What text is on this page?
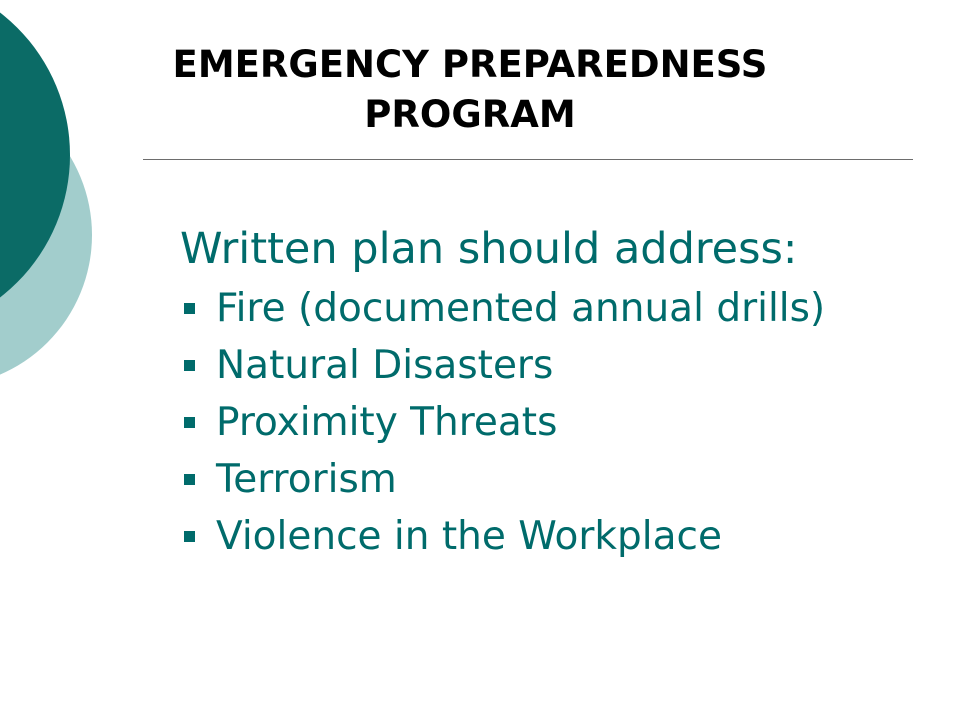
EMERGENCY PREPAREDNESS
PROGRAM
Written plan should address:
Fire (documented annual drills)
Natural Disasters
Proximity Threats
Terrorism
Violence in the Workplace
